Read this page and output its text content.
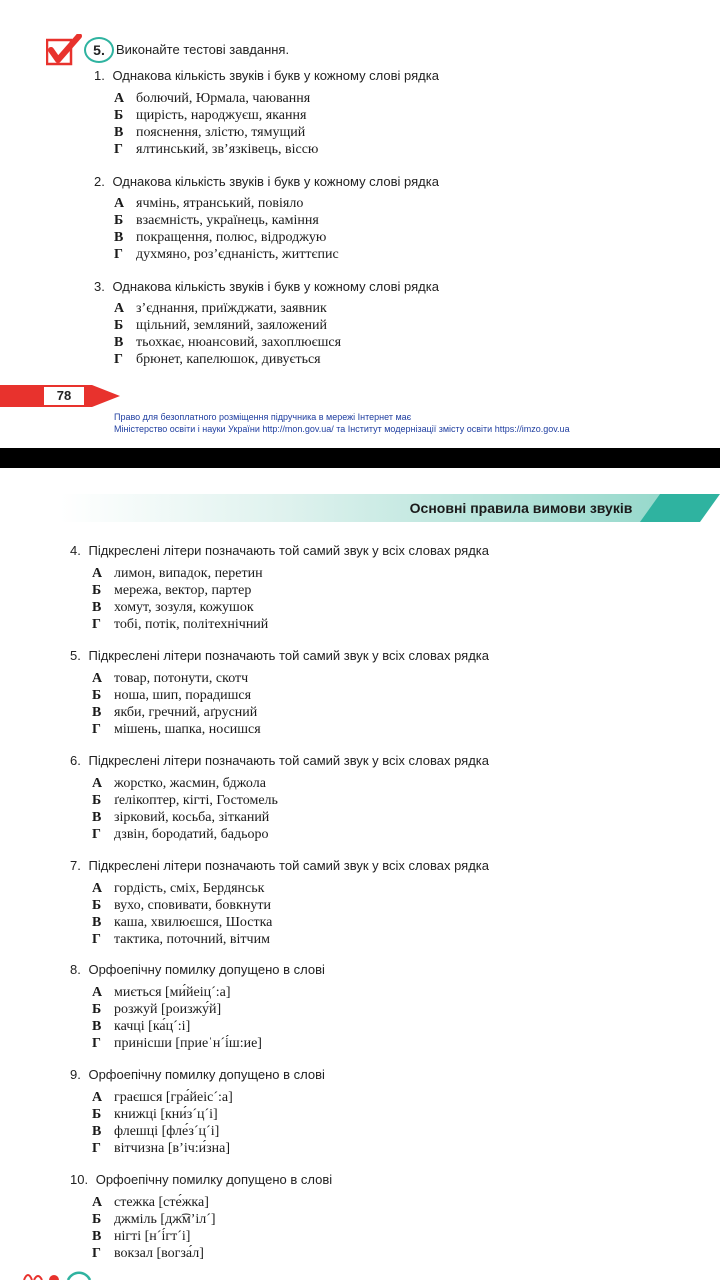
5. Виконайте тестові завдання.
1. Однакова кількість звуків і букв у кожному слові рядка
А болючий, Юрмала, чаювання
Б щирість, народжуєш, якання
В пояснення, злістю, тямущий
Г ялтинський, зв’язківець, віссю
2. Однакова кількість звуків і букв у кожному слові рядка
А ячмінь, ятранський, повіяло
Б взаємність, українець, каміння
В покращення, полюс, відроджую
Г духмяно, роз’єднаність, життєпис
3. Однакова кількість звуків і букв у кожному слові рядка
А з’єднання, приїжджати, заявник
Б щільний, земляний, заяложений
В тьохкає, нюансовий, захоплюєшся
Г брюнет, капелюшок, дивується
78
Право для безоплатного розміщення підручника в мережі Інтернет має
Міністерство освіти і науки України http://mon.gov.ua/ та Інститут модернізації змісту освіти https://imzo.gov.ua
Основні правила вимови звуків
4. Підкреслені літери позначають той самий звук у всіх словах рядка
А лимон, випадок, перетин
Б мережа, вектор, партер
В хомут, зозуля, кожушок
Г тобі, потік, політехнічний
5. Підкреслені літери позначають той самий звук у всіх словах рядка
А товар, потонути, скотч
Б ноша, шип, порадишся
В якби, гречний, аґрусний
Г мішень, шапка, носишся
6. Підкреслені літери позначають той самий звук у всіх словах рядка
А жорстко, жасмин, бджола
Б ґелікоптер, кігті, Гостомель
В зірковий, косьба, зітканий
Г дзвін, бородатий, бадьоро
7. Підкреслені літери позначають той самий звук у всіх словах рядка
А гордість, сміх, Бердянськ
Б вухо, сповивати, бовкнути
В каша, хвилюєшся, Шостка
Г тактика, поточний, вітчим
8. Орфоепічну помилку допущено в слові
А миється [ми́йеіц´:а]
Б розжуй [роизжу́й]
В качці [ка́ц´:і]
Г принісши [приеˈн´і́ш:иe]
9. Орфоепічну помилку допущено в слові
А граєшся [гра́йеіс´:а]
Б книжці [кни́з´ц´і]
В флешці [фле́з´ц´і]
Г вітчизна [в’іч:и́зна]
10. Орфоепічну помилку допущено в слові
А стежка [сте́жка]
Б джміль [дж͡м’іл´]
В нігті [н´і́гт´і]
Г вокзал [вогза́л]
